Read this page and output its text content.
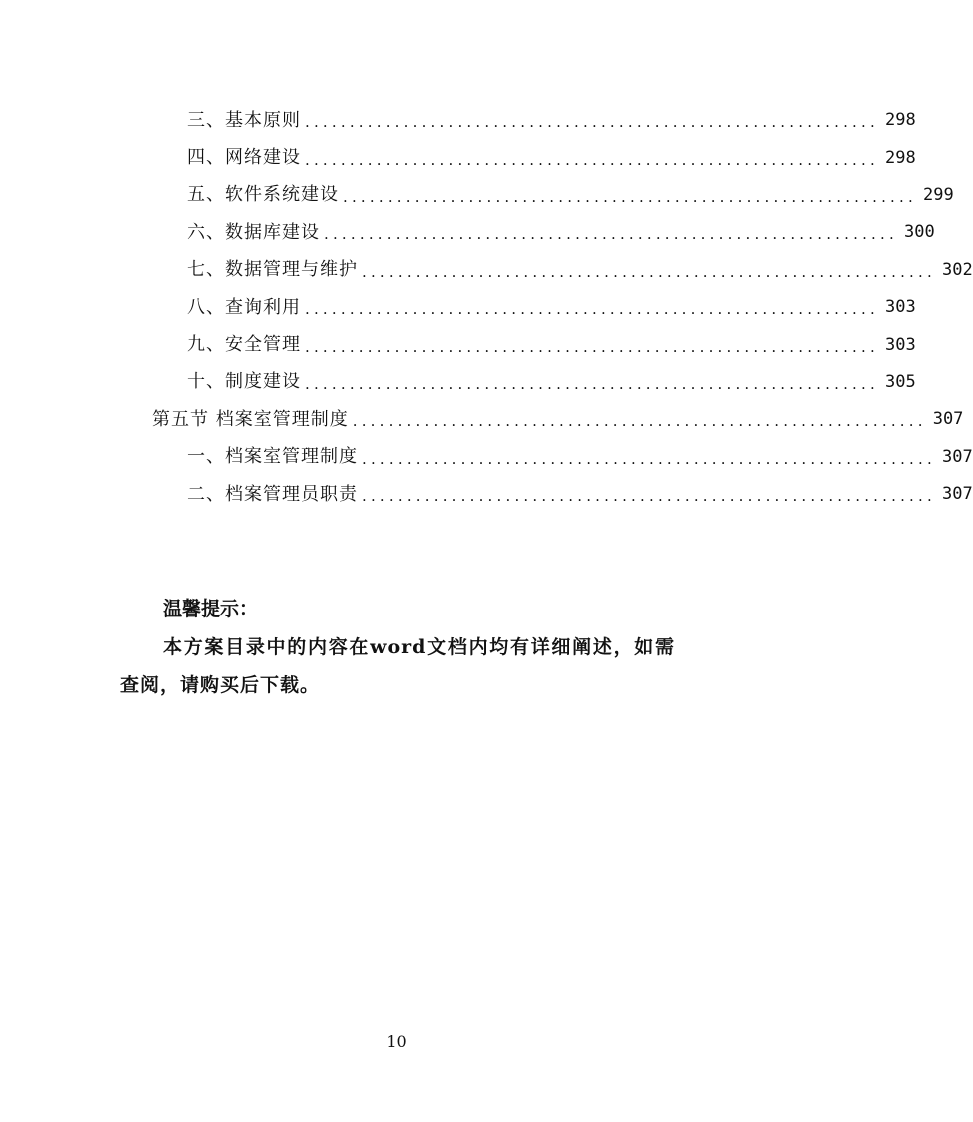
三、基本原则 ................................................................ 298
四、网络建设 ................................................................ 298
五、软件系统建设 ................................................................ 299
六、数据库建设 ................................................................ 300
七、数据管理与维护 ................................................................ 302
八、查询利用 ................................................................ 303
九、安全管理 ................................................................ 303
十、制度建设 ................................................................ 305
第五节 档案室管理制度 ................................................................ 307
一、档案室管理制度 ................................................................ 307
二、档案管理员职责 ................................................................ 307
温馨提示：
本方案目录中的内容在word文档内均有详细阐述，如需查阅，请购买后下载。
10
